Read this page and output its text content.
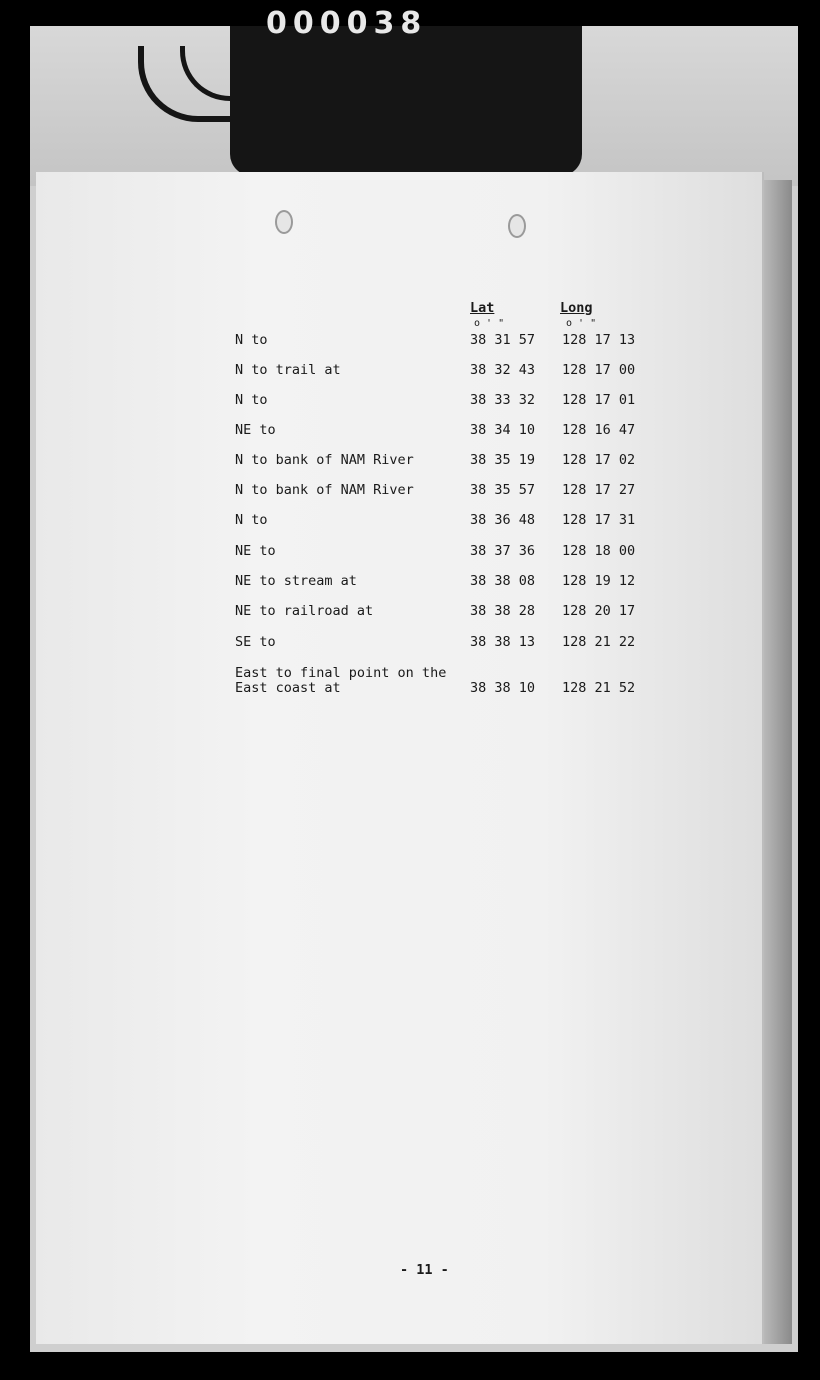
000038
Lat	Long
o ' "	o ' "
N to	38 31 57 128 17 13
N to trail at	38 32 43 128 17 00
N to	38 33 32 128 17 01
NE to	38 34 10 128 16 47
N to bank of NAM River	38 35 19 128 17 02
N to bank of NAM River	38 35 57 128 17 27
N to	38 36 48 128 17 31
NE to	38 37 36 128 18 00
NE to stream at	38 38 08 128 19 12
NE to railroad at	38 38 28 128 20 17
SE to	38 38 13 128 21 22
East to final point on the
East coast at	38 38 10 128 21 52
- 11 -
